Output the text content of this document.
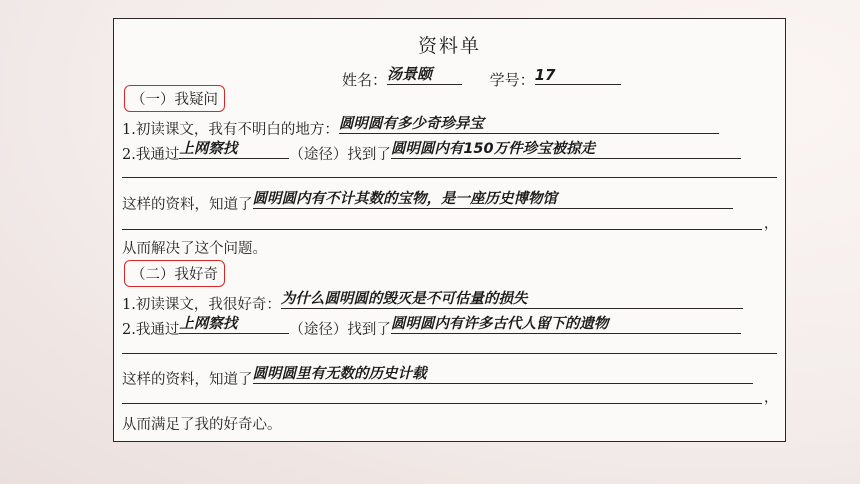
资料单
姓名：汤景颐	学号：17
（一）我疑问
1.初读课文，我有不明白的地方：圆明圆有多少奇珍异宝
2.我通过上网察找	（途径）找到了圆明圆内有150万件珍宝被掠走
这样的资料，知道了圆明圆内有不计其数的宝物，是一座历史博物馆
，
从而解决了这个问题。
（二）我好奇
1.初读课文，我很好奇：为什么圆明圆的毁灭是不可估量的损失
2.我通过上网察找	（途径）找到了圆明圆内有许多古代人留下的遗物
这样的资料，知道了圆明圆里有无数的历史计载
，
从而满足了我的好奇心。
